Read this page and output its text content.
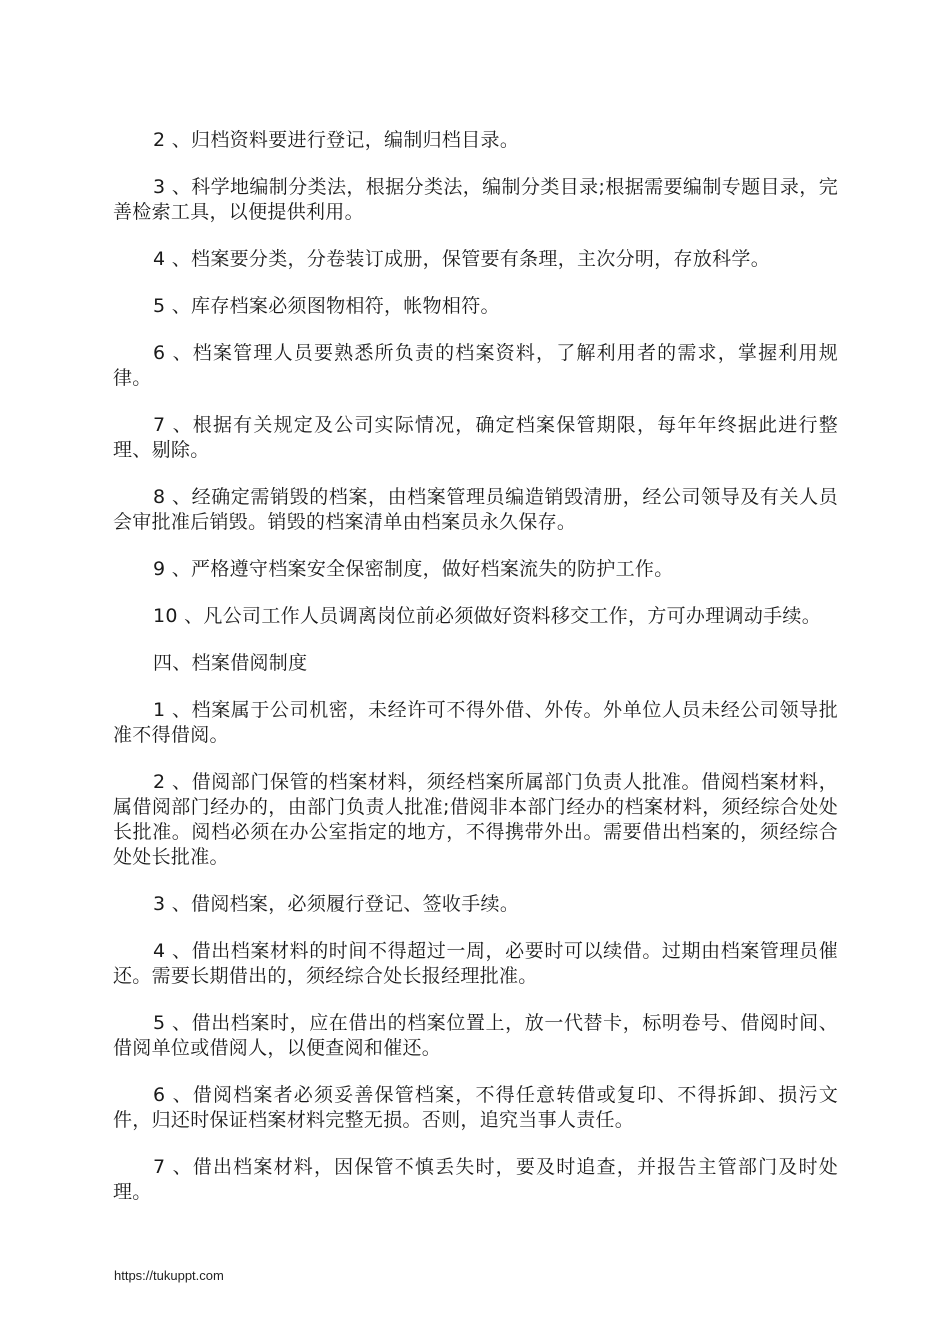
2 、归档资料要进行登记，编制归档目录。

3 、科学地编制分类法，根据分类法，编制分类目录;根据需要编制专题目录，完善检索工具，以便提供利用。

4 、档案要分类，分卷装订成册，保管要有条理，主次分明，存放科学。

5 、库存档案必须图物相符，帐物相符。

6 、档案管理人员要熟悉所负责的档案资料，了解利用者的需求，掌握利用规律。

7 、根据有关规定及公司实际情况，确定档案保管期限，每年年终据此进行整理、剔除。

8 、经确定需销毁的档案，由档案管理员编造销毁清册，经公司领导及有关人员会审批准后销毁。销毁的档案清单由档案员永久保存。

9 、严格遵守档案安全保密制度，做好档案流失的防护工作。

10 、凡公司工作人员调离岗位前必须做好资料移交工作，方可办理调动手续。

四、档案借阅制度

1 、档案属于公司机密，未经许可不得外借、外传。外单位人员未经公司领导批准不得借阅。

2 、借阅部门保管的档案材料，须经档案所属部门负责人批准。借阅档案材料，属借阅部门经办的，由部门负责人批准;借阅非本部门经办的档案材料，须经综合处处长批准。阅档必须在办公室指定的地方，不得携带外出。需要借出档案的，须经综合处处长批准。

3 、借阅档案，必须履行登记、签收手续。

4 、借出档案材料的时间不得超过一周，必要时可以续借。过期由档案管理员催还。需要长期借出的，须经综合处长报经理批准。

5 、借出档案时，应在借出的档案位置上，放一代替卡，标明卷号、借阅时间、借阅单位或借阅人，以便查阅和催还。

6 、借阅档案者必须妥善保管档案，不得任意转借或复印、不得拆卸、损污文件，归还时保证档案材料完整无损。否则，追究当事人责任。

7 、借出档案材料，因保管不慎丢失时，要及时追查，并报告主管部门及时处理。

https://tukuppt.com
